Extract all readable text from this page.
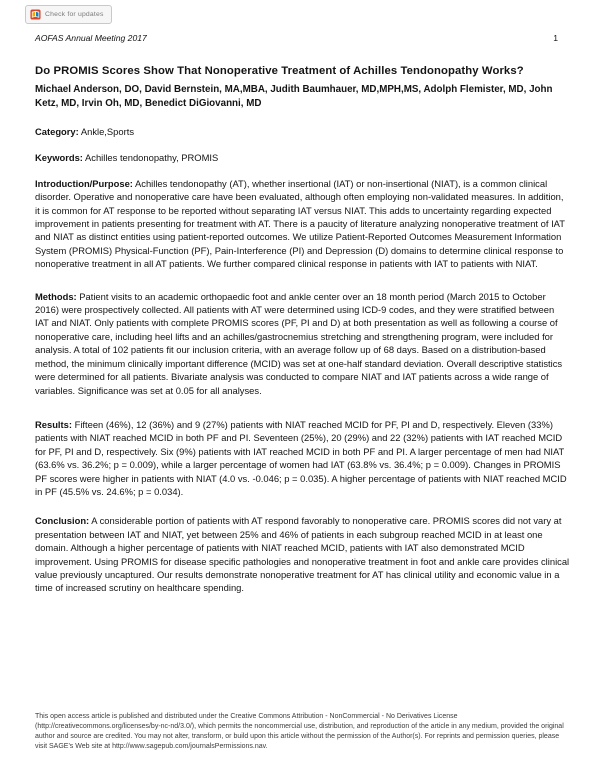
Check for updates
AOFAS Annual Meeting 2017	1
Do PROMIS Scores Show That Nonoperative Treatment of Achilles Tendonopathy Works?

Michael Anderson, DO, David Bernstein, MA,MBA, Judith Baumhauer, MD,MPH,MS, Adolph Flemister, MD, John Ketz, MD, Irvin Oh, MD, Benedict DiGiovanni, MD

Category: Ankle,Sports

Keywords: Achilles tendonopathy, PROMIS

Introduction/Purpose: Achilles tendonopathy (AT), whether insertional (IAT) or non-insertional (NIAT), is a common clinical disorder. Operative and nonoperative care have been evaluated, although often employing non-validated measures. In addition, it is common for AT response to be reported without separating IAT versus NIAT. This adds to uncertainty regarding expected improvement in patients presenting for treatment with AT. There is a paucity of literature analyzing nonoperative treatment of IAT and NIAT as distinct entities using patient-reported outcomes. We utilize Patient-Reported Outcomes Measurement Information System (PROMIS) Physical-Function (PF), Pain-Interference (PI) and Depression (D) domains to determine clinical response to nonoperative treatment in all AT patients. We further compared clinical response in patients with IAT to patients with NIAT.

Methods: Patient visits to an academic orthopaedic foot and ankle center over an 18 month period (March 2015 to October 2016) were prospectively collected. All patients with AT were determined using ICD-9 codes, and they were stratified between IAT and NIAT. Only patients with complete PROMIS scores (PF, PI and D) at both presentation as well as following a course of nonoperative care, including heel lifts and an achilles/gastrocnemius stretching and strengthening program, were included for analysis. A total of 102 patients fit our inclusion criteria, with an average follow up of 68 days. Based on a distribution-based method, the minimum clinically important difference (MCID) was set at one-half standard deviation. Overall descriptive statistics were determined for all patients. Bivariate analysis was conducted to compare NIAT and IAT patients across a wide range of variables. Significance was set at 0.05 for all analyses.

Results: Fifteen (46%), 12 (36%) and 9 (27%) patients with NIAT reached MCID for PF, PI and D, respectively. Eleven (33%) patients with NIAT reached MCID in both PF and PI. Seventeen (25%), 20 (29%) and 22 (32%) patients with IAT reached MCID for PF, PI and D, respectively. Six (9%) patients with IAT reached MCID in both PF and PI. A larger percentage of men had NIAT (63.6% vs. 36.2%; p = 0.009), while a larger percentage of women had IAT (63.8% vs. 36.4%; p = 0.009). Changes in PROMIS PF scores were higher in patients with NIAT (4.0 vs. -0.046; p = 0.035). A higher percentage of patients with NIAT reached MCID in PF (45.5% vs. 24.6%; p = 0.034).

Conclusion: A considerable portion of patients with AT respond favorably to nonoperative care. PROMIS scores did not vary at presentation between IAT and NIAT, yet between 25% and 46% of patients in each subgroup reached MCID in at least one domain. Although a higher percentage of patients with NIAT reached MCID, patients with IAT also demonstrated MCID improvement. Using PROMIS for disease specific pathologies and nonoperative treatment in foot and ankle care provides clinical value previously uncaptured. Our results demonstrate nonoperative treatment for AT has clinical utility and economic value in a time of increased scrutiny on healthcare spending.

This open access article is published and distributed under the Creative Commons Attribution - NonCommercial - No Derivatives License (http://creativecommons.org/licenses/by-nc-nd/3.0/), which permits the noncommercial use, distribution, and reproduction of the article in any medium, provided the original author and source are credited. You may not alter, transform, or build upon this article without the permission of the Author(s). For reprints and permission queries, please visit SAGE's Web site at http://www.sagepub.com/journalsPermissions.nav.
